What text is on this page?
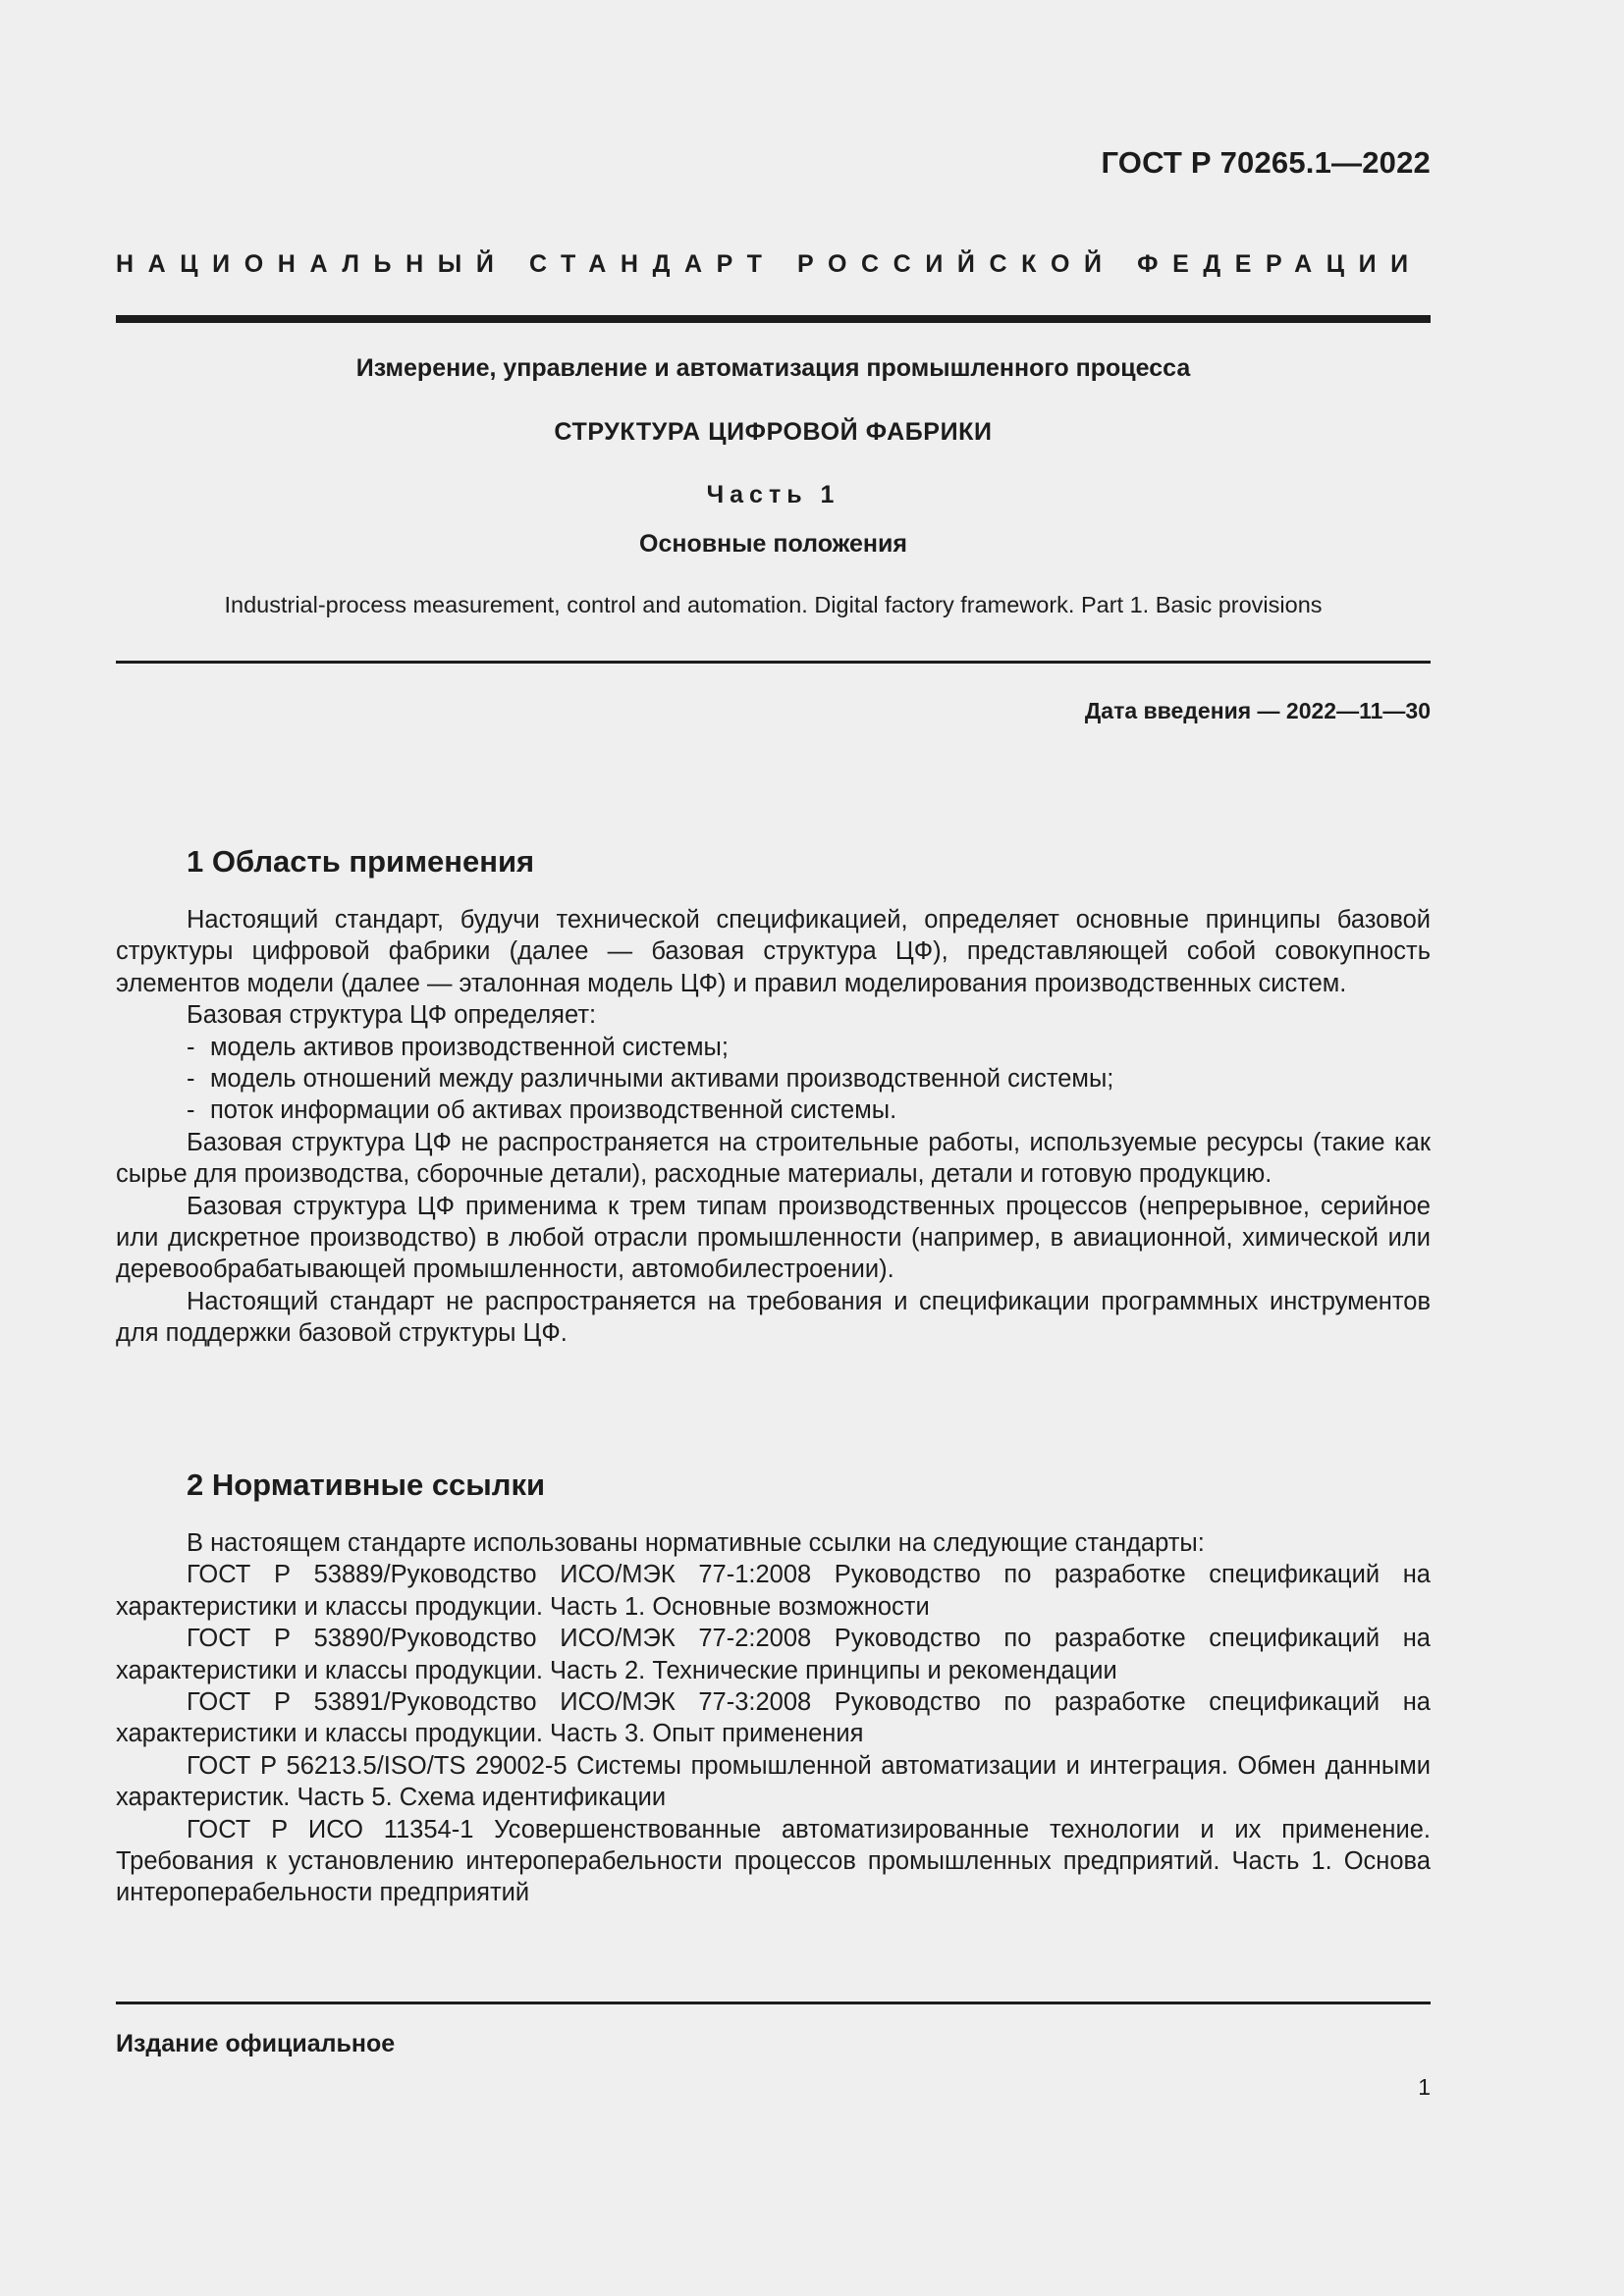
ГОСТ Р 70265.1—2022
НАЦИОНАЛЬНЫЙ СТАНДАРТ РОССИЙСКОЙ ФЕДЕРАЦИИ
Измерение, управление и автоматизация промышленного процесса
СТРУКТУРА ЦИФРОВОЙ ФАБРИКИ
Часть 1
Основные положения
Industrial-process measurement, control and automation. Digital factory framework. Part 1. Basic provisions
Дата введения — 2022—11—30
1 Область применения

Настоящий стандарт, будучи технической спецификацией, определяет основные принципы базовой структуры цифровой фабрики (далее — базовая структура ЦФ), представляющей собой совокупность элементов модели (далее — эталонная модель ЦФ) и правил моделирования производственных систем.

Базовая структура ЦФ определяет:

- модель активов производственной системы;

- модель отношений между различными активами производственной системы;

- поток информации об активах производственной системы.

Базовая структура ЦФ не распространяется на строительные работы, используемые ресурсы (такие как сырье для производства, сборочные детали), расходные материалы, детали и готовую продукцию.

Базовая структура ЦФ применима к трем типам производственных процессов (непрерывное, серийное или дискретное производство) в любой отрасли промышленности (например, в авиационной, химической или деревообрабатывающей промышленности, автомобилестроении).

Настоящий стандарт не распространяется на требования и спецификации программных инструментов для поддержки базовой структуры ЦФ.

2 Нормативные ссылки

В настоящем стандарте использованы нормативные ссылки на следующие стандарты:

ГОСТ Р 53889/Руководство ИСО/МЭК 77-1:2008 Руководство по разработке спецификаций на характеристики и классы продукции. Часть 1. Основные возможности

ГОСТ Р 53890/Руководство ИСО/МЭК 77-2:2008 Руководство по разработке спецификаций на характеристики и классы продукции. Часть 2. Технические принципы и рекомендации

ГОСТ Р 53891/Руководство ИСО/МЭК 77-3:2008 Руководство по разработке спецификаций на характеристики и классы продукции. Часть 3. Опыт применения

ГОСТ Р 56213.5/ISO/TS 29002-5 Системы промышленной автоматизации и интеграция. Обмен данными характеристик. Часть 5. Схема идентификации

ГОСТ Р ИСО 11354-1 Усовершенствованные автоматизированные технологии и их применение. Требования к установлению интероперабельности процессов промышленных предприятий. Часть 1. Основа интероперабельности предприятий

Издание официальное
1
